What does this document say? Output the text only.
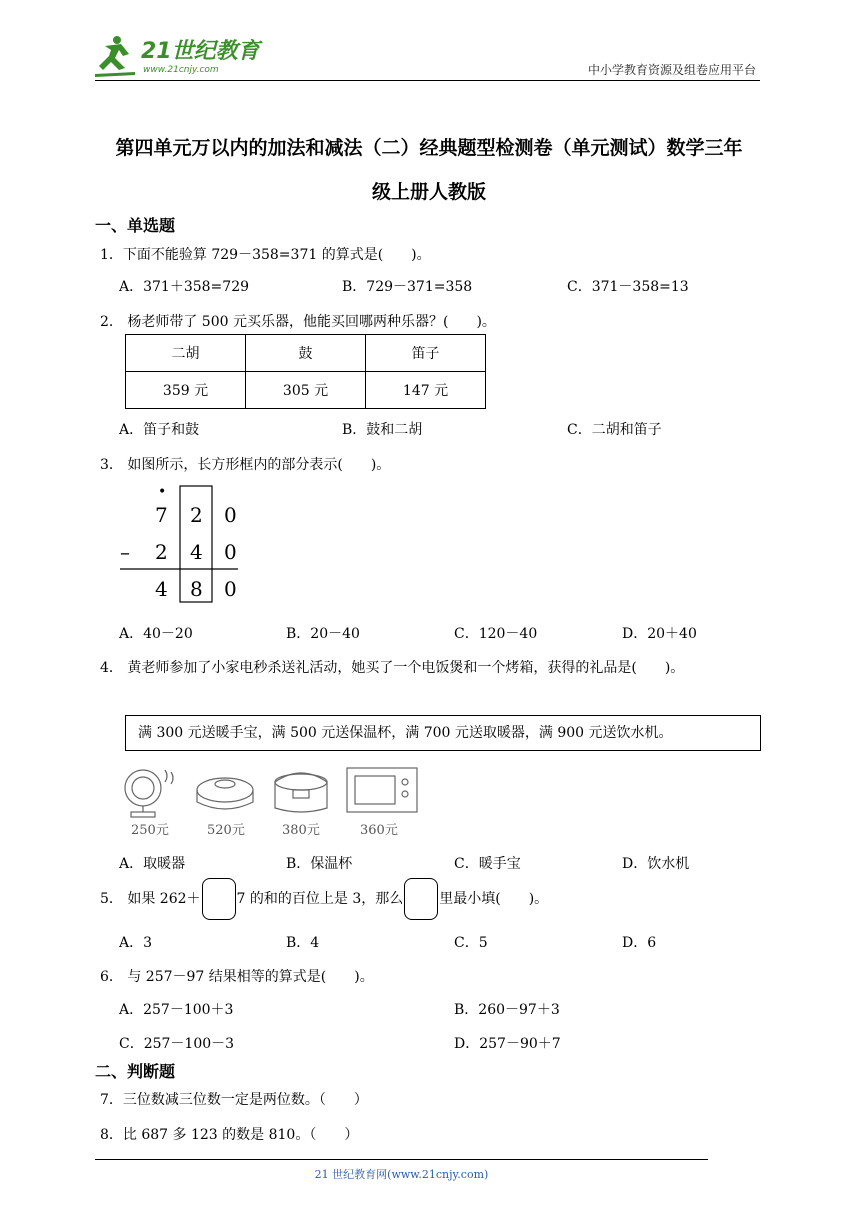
21世纪教育
www.21cnjy.com	中小学教育资源及组卷应用平台
第四单元万以内的加法和减法（二）经典题型检测卷（单元测试）数学三年
级上册人教版
一、单选题
1．下面不能验算 729－358=371 的算式是(　　)。
A．371＋358=729	B．729－371=358	C．371－358=13
2． 杨老师带了 500 元买乐器，他能买回哪两种乐器？(　　)。
二胡	鼓	笛子
359 元	305 元	147 元
A．笛子和鼓	B．鼓和二胡	C．二胡和笛子
3． 如图所示，长方形框内的部分表示(　　)。
•
7 2 0
– 2 4 0
4 8 0
A．40－20	B．20－40	C．120－40	D．20＋40
4． 黄老师参加了小家电秒杀送礼活动，她买了一个电饭煲和一个烤箱，获得的礼品是(　　)。
满 300 元送暖手宝，满 500 元送保温杯，满 700 元送取暖器，满 900 元送饮水机。
250元	520元	380元	360元
A．取暖器	B．保温杯	C．暖手宝	D．饮水机
5． 如果 262＋	7 的和的百位上是 3，那么	里最小填(　　)。
A．3	B．4	C．5	D．6
6． 与 257－97 结果相等的算式是(　　)。
A．257－100＋3	B．260－97＋3
C．257－100－3	D．257－90＋7
二、判断题
7．三位数减三位数一定是两位数。（　　）
8．比 687 多 123 的数是 810。（　　）
21 世纪教育网(www.21cnjy.com)
